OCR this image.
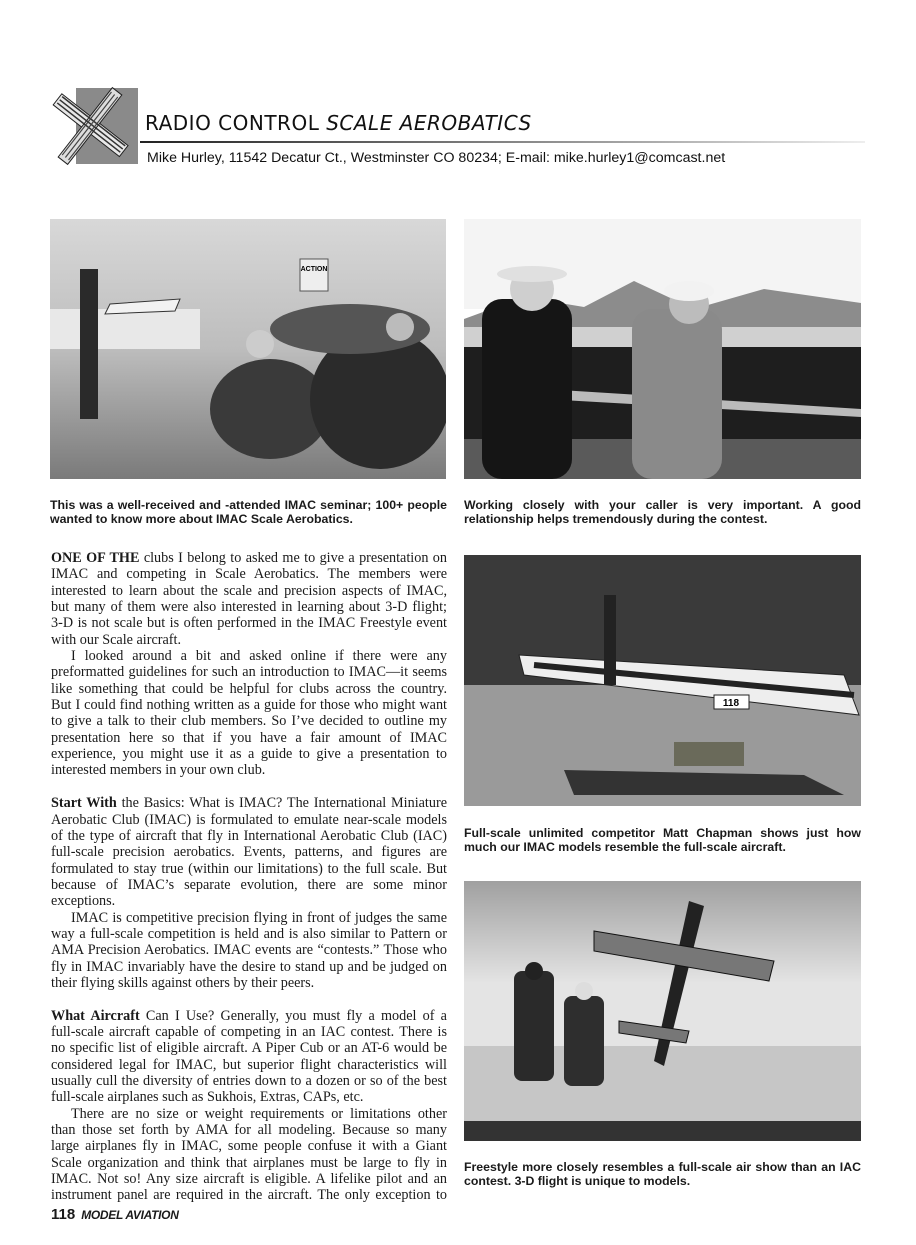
RADIO CONTROL SCALE AEROBATICS
Mike Hurley, 11542 Decatur Ct., Westminster CO 80234; E-mail: mike.hurley1@comcast.net
ACTION
118
This was a well-received and -attended IMAC seminar; 100+ people wanted to know more about IMAC Scale Aerobatics.
Working closely with your caller is very important. A good relationship helps tremendously during the contest.
Full-scale unlimited competitor Matt Chapman shows just how much our IMAC models resemble the full-scale aircraft.
Freestyle more closely resembles a full-scale air show than an IAC contest. 3-D flight is unique to models.
ONE OF THE clubs I belong to asked me to give a presentation on
IMAC and competing in Scale Aerobatics. The members were
interested to learn about the scale and precision aspects of IMAC,
but many of them were also interested in learning about 3-D flight;
3-D is not scale but is often performed in the IMAC Freestyle event
with our Scale aircraft.
I looked around a bit and asked online if there were any
preformatted guidelines for such an introduction to IMAC—it seems
like something that could be helpful for clubs across the country.
But I could find nothing written as a guide for those who might want
to give a talk to their club members. So I’ve decided to outline my
presentation here so that if you have a fair amount of IMAC
experience, you might use it as a guide to give a presentation to
interested members in your own club.
Start With the Basics: What is IMAC? The International Miniature
Aerobatic Club (IMAC) is formulated to emulate near-scale models
of the type of aircraft that fly in International Aerobatic Club (IAC)
full-scale precision aerobatics. Events, patterns, and figures are
formulated to stay true (within our limitations) to the full scale. But
because of IMAC’s separate evolution, there are some minor
exceptions.
IMAC is competitive precision flying in front of judges the same
way a full-scale competition is held and is also similar to Pattern or
AMA Precision Aerobatics. IMAC events are “contests.” Those who
fly in IMAC invariably have the desire to stand up and be judged on
their flying skills against others by their peers.
What Aircraft Can I Use? Generally, you must fly a model of a
full-scale aircraft capable of competing in an IAC contest. There is
no specific list of eligible aircraft. A Piper Cub or an AT-6 would be
considered legal for IMAC, but superior flight characteristics will
usually cull the diversity of entries down to a dozen or so of the best
full-scale airplanes such as Sukhois, Extras, CAPs, etc.
There are no size or weight requirements or limitations other
than those set forth by AMA for all modeling. Because so many
large airplanes fly in IMAC, some people confuse it with a Giant
Scale organization and think that airplanes must be large to fly in
IMAC. Not so! Any size aircraft is eligible. A lifelike pilot and an
instrument panel are required in the aircraft. The only exception to
118 MODEL AVIATION
